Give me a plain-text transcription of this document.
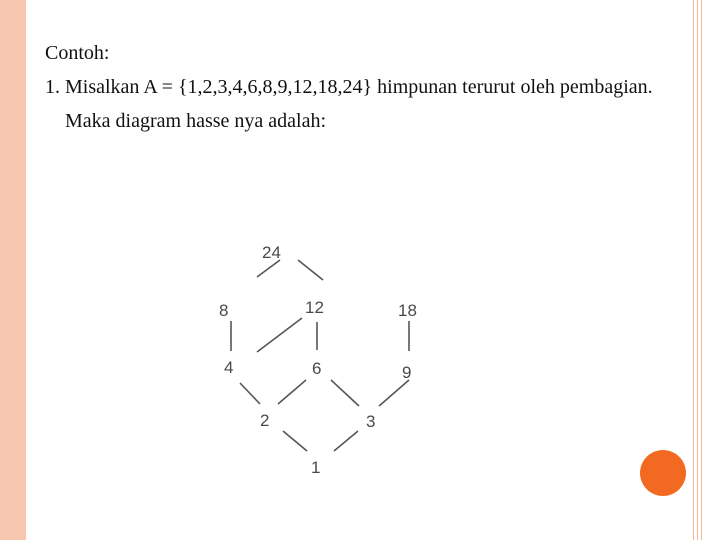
Contoh:
1. Misalkan A = {1,2,3,4,6,8,9,12,18,24} himpunan terurut oleh pembagian. Maka diagram hasse nya adalah:
24
8	12	18
4	6	9
2	3
1
